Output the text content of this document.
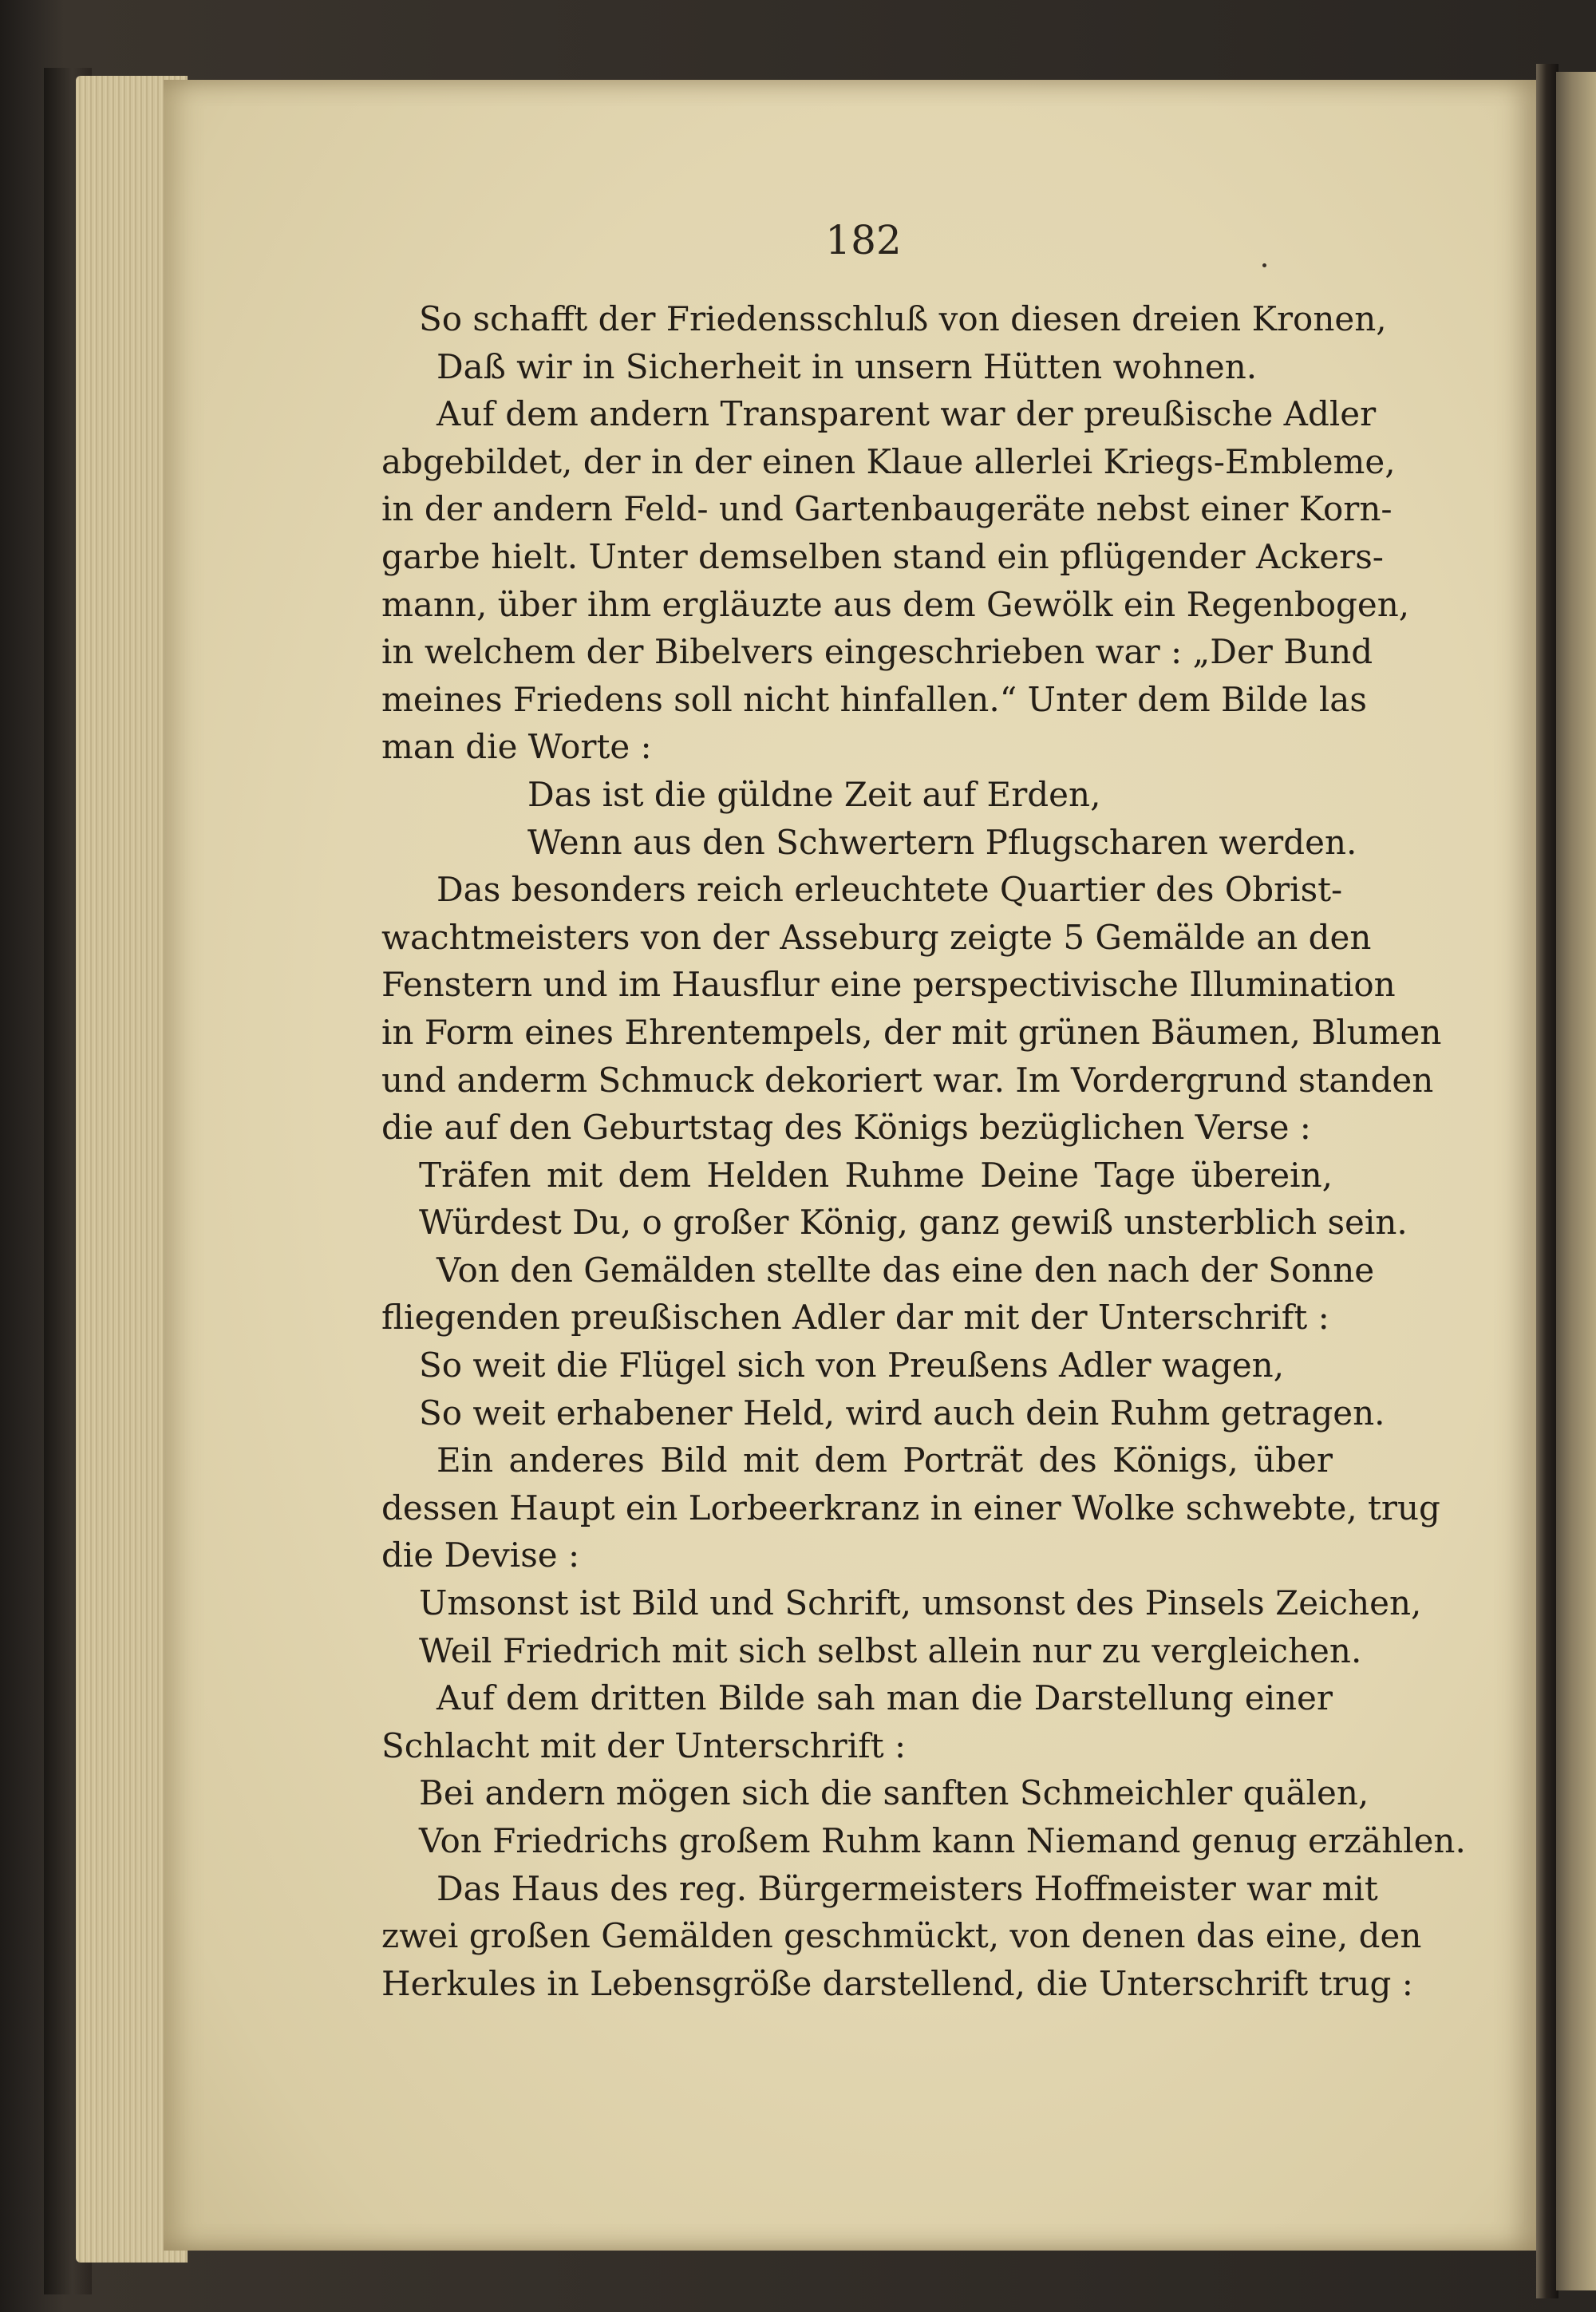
182
So schafft der Friedensschluß von diesen dreien Kronen,
Daß wir in Sicherheit in unsern Hütten wohnen.
Auf dem andern Transparent war der preußische Adler
abgebildet, der in der einen Klaue allerlei Kriegs-Embleme,
in der andern Feld- und Gartenbaugeräte nebst einer Korn-
garbe hielt. Unter demselben stand ein pflügender Ackers-
mann, über ihm ergläuzte aus dem Gewölk ein Regenbogen,
in welchem der Bibelvers eingeschrieben war : „Der Bund
meines Friedens soll nicht hinfallen.“ Unter dem Bilde las
man die Worte :
Das ist die güldne Zeit auf Erden,
Wenn aus den Schwertern Pflugscharen werden.
Das besonders reich erleuchtete Quartier des Obrist-
wachtmeisters von der Asseburg zeigte 5 Gemälde an den
Fenstern und im Hausflur eine perspectivische Illumination
in Form eines Ehrentempels, der mit grünen Bäumen, Blumen
und anderm Schmuck dekoriert war. Im Vordergrund standen
die auf den Geburtstag des Königs bezüglichen Verse :
Träfen mit dem Helden Ruhme Deine Tage überein,
Würdest Du, o großer König, ganz gewiß unsterblich sein.
Von den Gemälden stellte das eine den nach der Sonne
fliegenden preußischen Adler dar mit der Unterschrift :
So weit die Flügel sich von Preußens Adler wagen,
So weit erhabener Held, wird auch dein Ruhm getragen.
Ein anderes Bild mit dem Porträt des Königs, über
dessen Haupt ein Lorbeerkranz in einer Wolke schwebte, trug
die Devise :
Umsonst ist Bild und Schrift, umsonst des Pinsels Zeichen,
Weil Friedrich mit sich selbst allein nur zu vergleichen.
Auf dem dritten Bilde sah man die Darstellung einer
Schlacht mit der Unterschrift :
Bei andern mögen sich die sanften Schmeichler quälen,
Von Friedrichs großem Ruhm kann Niemand genug erzählen.
Das Haus des reg. Bürgermeisters Hoffmeister war mit
zwei großen Gemälden geschmückt, von denen das eine, den
Herkules in Lebensgröße darstellend, die Unterschrift trug :
